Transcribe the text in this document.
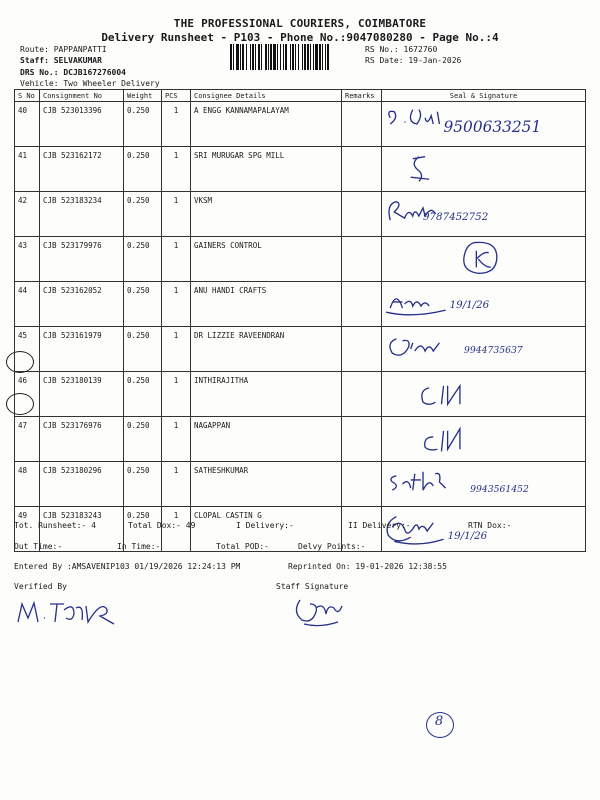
THE PROFESSIONAL COURIERS, COIMBATORE
Delivery Runsheet - P103 - Phone No.:9047080280 - Page No.:4
Route: PAPPANPATTI
Staff: SELVAKUMAR
DRS No.: DCJB167276004
Vehicle: Two Wheeler Delivery
RS No.: 1672760
RS Date: 19-Jan-2026
S No	Consignment No	Weight	PCS	Consignee Details	Remarks	Seal & Signature
40	CJB 523013396	0.250	1	A ENGG KANNAMAPALAYAM		9500633251

41	CJB 523162172	0.250	1	SRI MURUGAR SPG MILL		

42	CJB 523183234	0.250	1	VKSM		9787452752

43	CJB 523179976	0.250	1	GAINERS CONTROL		

44	CJB 523162052	0.250	1	ANU HANDI CRAFTS		19/1/26

45	CJB 523161979	0.250	1	DR LIZZIE RAVEENDRAN		9944735637

46	CJB 523180139	0.250	1	INTHIRAJITHA		

47	CJB 523176976	0.250	1	NAGAPPAN		

48	CJB 523180296	0.250	1	SATHESHKUMAR		9943561452

49	CJB 523183243	0.250	1	CLOPAL CASTIN G		19/1/26
Tot. Runsheet:- 4	Total Dox:- 49	I Delivery:-	II Delivery:-	RTN Dox:-
Out Time:-	In Time:-	Total POD:-	Delvy Points:-
Entered By :AMSAVENIP103 01/19/2026 12:24:13 PM	Reprinted On: 19-01-2026 12:38:55
Verified By	Staff Signature
8
